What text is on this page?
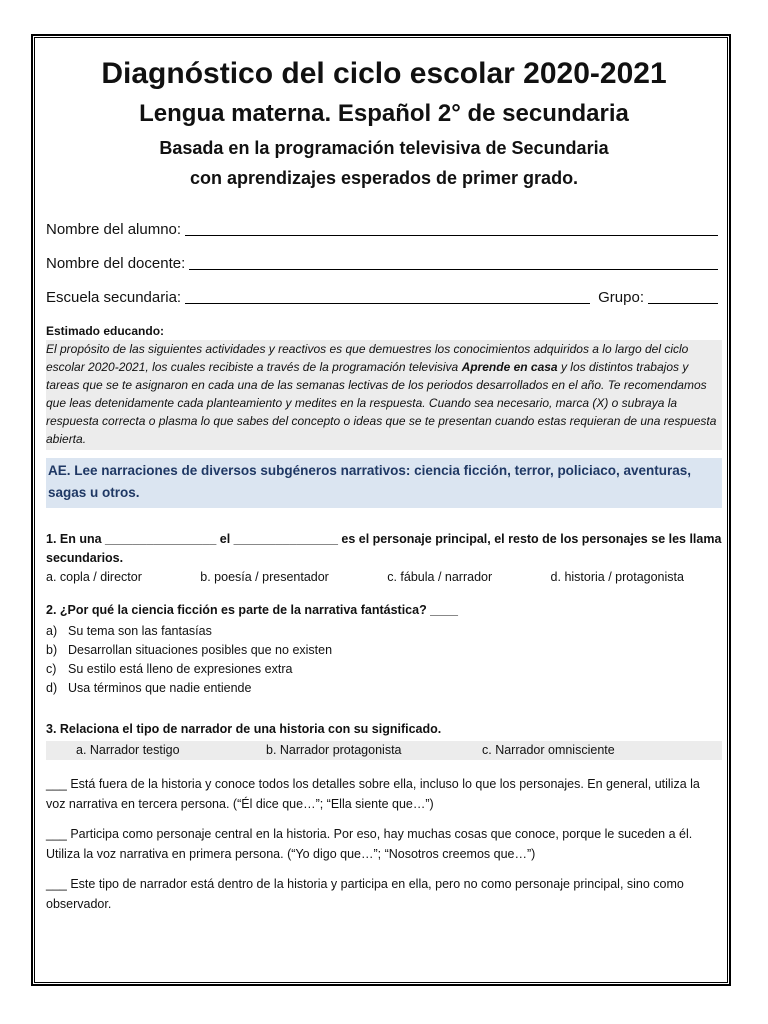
Diagnóstico del ciclo escolar 2020-2021
Lengua materna. Español 2° de secundaria
Basada en la programación televisiva de Secundaria
con aprendizajes esperados de primer grado.
Nombre del alumno:
Nombre del docente:
Escuela secundaria:	Grupo:
Estimado educando:
El propósito de las siguientes actividades y reactivos es que demuestres los conocimientos adquiridos a lo largo del ciclo escolar 2020-2021, los cuales recibiste a través de la programación televisiva Aprende en casa y los distintos trabajos y tareas que se te asignaron en cada una de las semanas lectivas de los periodos desarrollados en el año. Te recomendamos que leas detenidamente cada planteamiento y medites en la respuesta. Cuando sea necesario, marca (X) o subraya la respuesta correcta o plasma lo que sabes del concepto o ideas que se te presentan cuando estas requieran de una respuesta abierta.
AE. Lee narraciones de diversos subgéneros narrativos: ciencia ficción, terror, policiaco, aventuras, sagas u otros.
1. En una ________________ el _______________ es el personaje principal, el resto de los personajes se les llama secundarios.
a. copla / director	b. poesía / presentador	c. fábula / narrador	d. historia / protagonista
2. ¿Por qué la ciencia ficción es parte de la narrativa fantástica? ____
a) Su tema son las fantasías
b) Desarrollan situaciones posibles que no existen
c) Su estilo está lleno de expresiones extra
d) Usa términos que nadie entiende
3. Relaciona el tipo de narrador de una historia con su significado.
a. Narrador testigo	b. Narrador protagonista	c. Narrador omnisciente
___ Está fuera de la historia y conoce todos los detalles sobre ella, incluso lo que los personajes. En general, utiliza la voz narrativa en tercera persona. (“Él dice que…”; “Ella siente que…”)
___ Participa como personaje central en la historia. Por eso, hay muchas cosas que conoce, porque le suceden a él. Utiliza la voz narrativa en primera persona. (“Yo digo que…”; “Nosotros creemos que…”)
___ Este tipo de narrador está dentro de la historia y participa en ella, pero no como personaje principal, sino como observador.
